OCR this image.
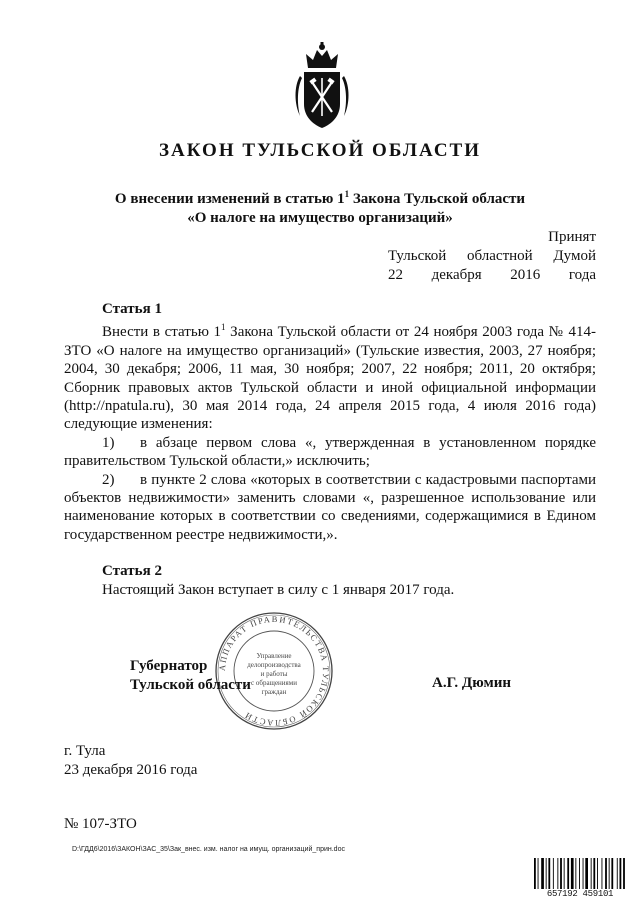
ЗАКОН ТУЛЬСКОЙ ОБЛАСТИ
О внесении изменений в статью $1^1$ Закона Тульской области
«О налоге на имущество организаций»
Принят
Тульской областной Думой
22 декабря 2016 года
Статья 1

Внести в статью $1^1$ Закона Тульской области от 24 ноября 2003 года № 414-ЗТО «О налоге на имущество организаций» (Тульские известия, 2003, 27 ноября; 2004, 30 декабря; 2006, 11 мая, 30 ноября; 2007, 22 ноября; 2011, 20 октября; Сборник правовых актов Тульской области и иной официальной информации (http://npatula.ru), 30 мая 2014 года, 24 апреля 2015 года, 4 июля 2016 года) следующие изменения:

1) в абзаце первом слова «, утвержденная в установленном порядке правительством Тульской области,» исключить;

2) в пункте 2 слова «которых в соответствии с кадастровыми паспортами объектов недвижимости» заменить словами «, разрешенное использование или наименование которых в соответствии со сведениями, содержащимися в Едином государственном реестре недвижимости,».

Статья 2

Настоящий Закон вступает в силу с 1 января 2017 года.

АППАРАТ ПРАВИТЕЛЬСТВА ТУЛЬСКОЙ ОБЛАСТИ
Управление
делопроизводства
и работы
с обращениями
граждан
Губернатор
Тульской области	А.Г. Дюмин
г. Тула
23 декабря 2016 года
№ 107-ЗТО
D:\ГДД6\2016\ЗАКОН\ЗАС_35\Зак_внес. изм. налог на имущ. организаций_прин.doc
657192 459101
